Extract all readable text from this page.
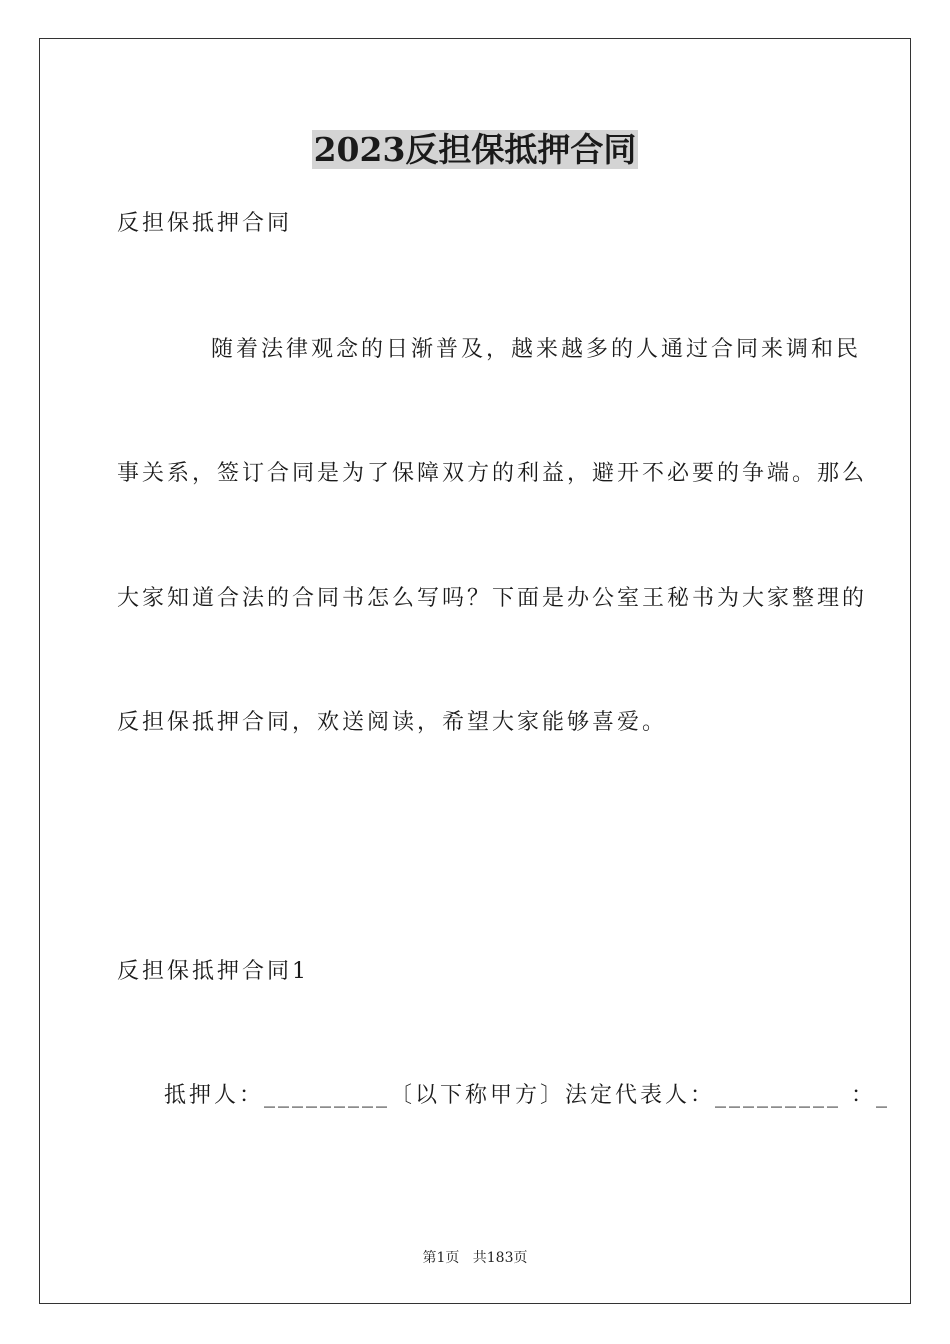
2023反担保抵押合同
反担保抵押合同
随着法律观念的日渐普及，越来越多的人通过合同来调和民
事关系，签订合同是为了保障双方的利益，避开不必要的争端。那么
大家知道合法的合同书怎么写吗？下面是办公室王秘书为大家整理的
反担保抵押合同，欢送阅读，希望大家能够喜爱。
反担保抵押合同1
抵押人：_________〔以下称甲方〕法定代表人：_________ ：_
第1页   共183页
